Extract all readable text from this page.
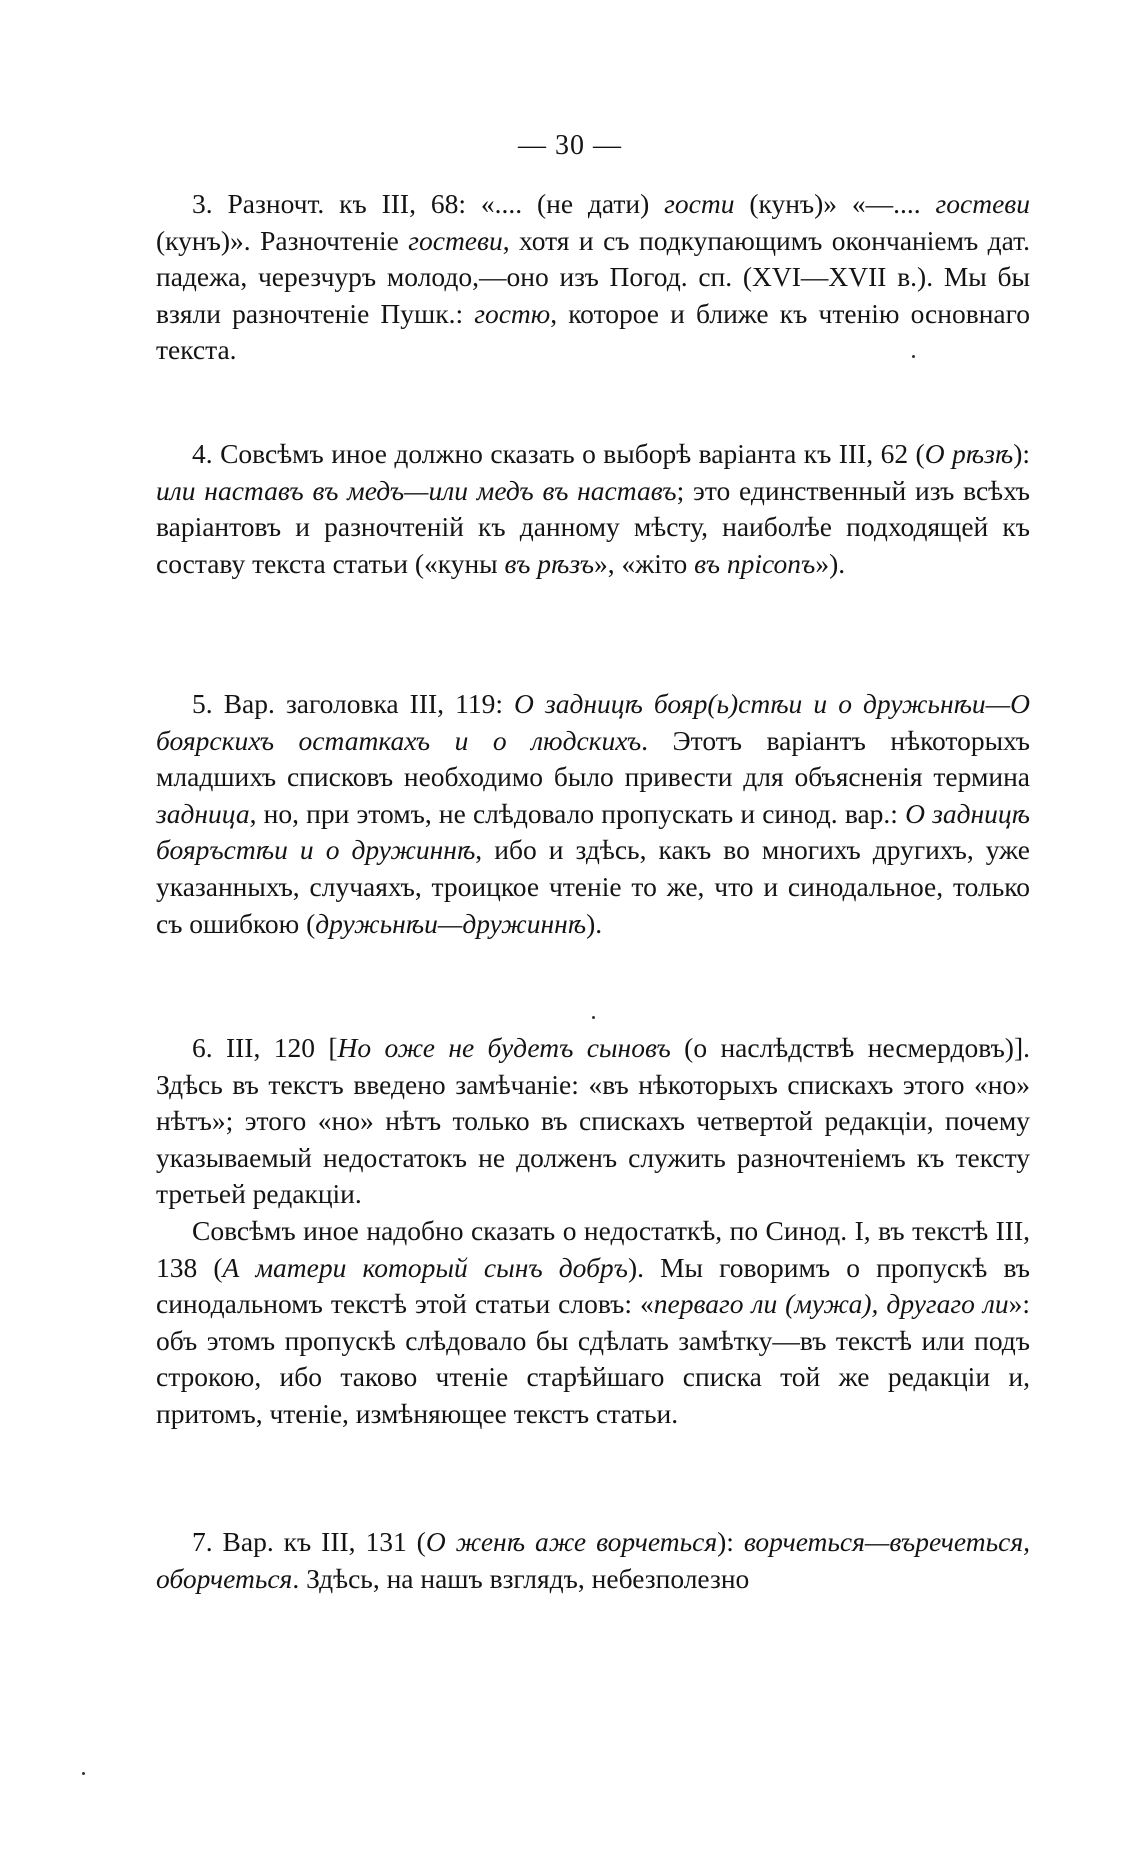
— 30 —

3. Разночт. къ III, 68: «.... (не дати) гости (кунъ)» «—.... гостеви (кунъ)». Разночтеніе гостеви, хотя и съ подкупающимъ окончаніемъ дат. падежа, черезчуръ молодо,—оно изъ Погод. сп. (XVI—XVII в.). Мы бы взяли разночтеніе Пушк.: гостю, которое и ближе къ чтенію основнаго текста.

4. Совсѣмъ иное должно сказать о выборѣ варіанта къ III, 62 (О рѣзѣ): или наставъ въ медъ—или медъ въ наставъ; это единственный изъ всѣхъ варіантовъ и разночтеній къ данному мѣсту, наиболѣе подходящей къ составу текста статьи («куны въ рѣзъ», «жіто въ прісопъ»).

5. Вар. заголовка III, 119: О задницѣ бояр(ь)стѣи и о дружьнѣи—О боярскихъ остаткахъ и о людскихъ. Этотъ варіантъ нѣкоторыхъ младшихъ списковъ необходимо было привести для объясненія термина задница, но, при этомъ, не слѣдовало пропускать и синод. вар.: О задницѣ бояръстѣи и о дружиннѣ, ибо и здѣсь, какъ во многихъ другихъ, уже указанныхъ, случаяхъ, троицкое чтеніе то же, что и синодальное, только съ ошибкою (дружьнѣи—дружиннѣ).

6. III, 120 [Но оже не будетъ сыновъ (о наслѣдствѣ несмердовъ)]. Здѣсь въ текстъ введено замѣчаніе: «въ нѣкоторыхъ спискахъ этого «но» нѣтъ»; этого «но» нѣтъ только въ спискахъ четвертой редакціи, почему указываемый недостатокъ не долженъ служить разночтеніемъ къ тексту третьей редакціи.

Совсѣмъ иное надобно сказать о недостаткѣ, по Синод. I, въ текстѣ III, 138 (А матери который сынъ добръ). Мы говоримъ о пропускѣ въ синодальномъ текстѣ этой статьи словъ: «перваго ли (мужа), другаго ли»: объ этомъ пропускѣ слѣдовало бы сдѣлать замѣтку—въ текстѣ или подъ строкою, ибо таково чтеніе старѣйшаго списка той же редакціи и, притомъ, чтеніе, измѣняющее текстъ статьи.

7. Вар. къ III, 131 (О женѣ аже ворчеться): ворчеться—въречеться, оборчеться. Здѣсь, на нашъ взглядъ, небезполезно
